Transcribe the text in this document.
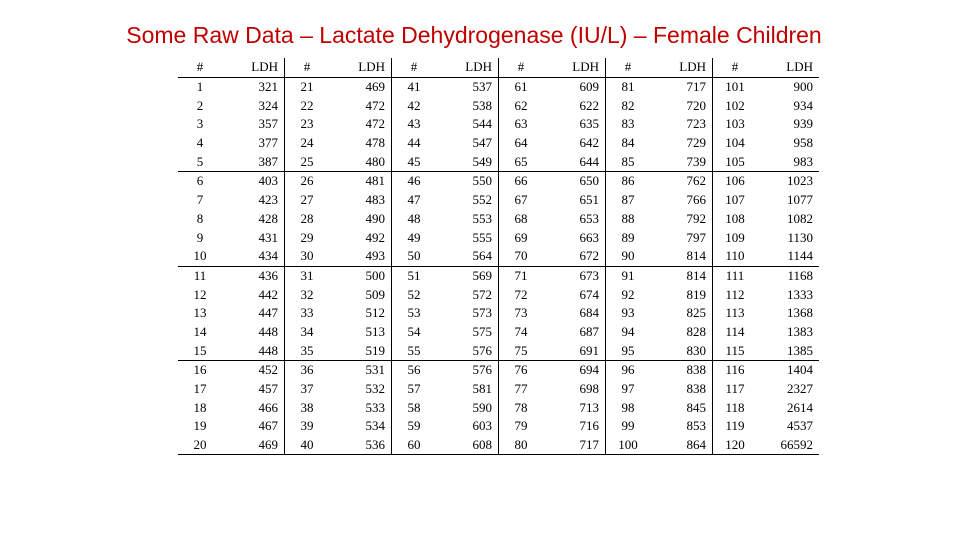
Some Raw Data – Lactate Dehydrogenase (IU/L) – Female Children
#	LDH	#	LDH	#	LDH	#	LDH	#	LDH	#	LDH
1	321	21	469	41	537	61	609	81	717	101	900
2	324	22	472	42	538	62	622	82	720	102	934
3	357	23	472	43	544	63	635	83	723	103	939
4	377	24	478	44	547	64	642	84	729	104	958
5	387	25	480	45	549	65	644	85	739	105	983
6	403	26	481	46	550	66	650	86	762	106	1023
7	423	27	483	47	552	67	651	87	766	107	1077
8	428	28	490	48	553	68	653	88	792	108	1082
9	431	29	492	49	555	69	663	89	797	109	1130
10	434	30	493	50	564	70	672	90	814	110	1144
11	436	31	500	51	569	71	673	91	814	111	1168
12	442	32	509	52	572	72	674	92	819	112	1333
13	447	33	512	53	573	73	684	93	825	113	1368
14	448	34	513	54	575	74	687	94	828	114	1383
15	448	35	519	55	576	75	691	95	830	115	1385
16	452	36	531	56	576	76	694	96	838	116	1404
17	457	37	532	57	581	77	698	97	838	117	2327
18	466	38	533	58	590	78	713	98	845	118	2614
19	467	39	534	59	603	79	716	99	853	119	4537
20	469	40	536	60	608	80	717	100	864	120	66592
